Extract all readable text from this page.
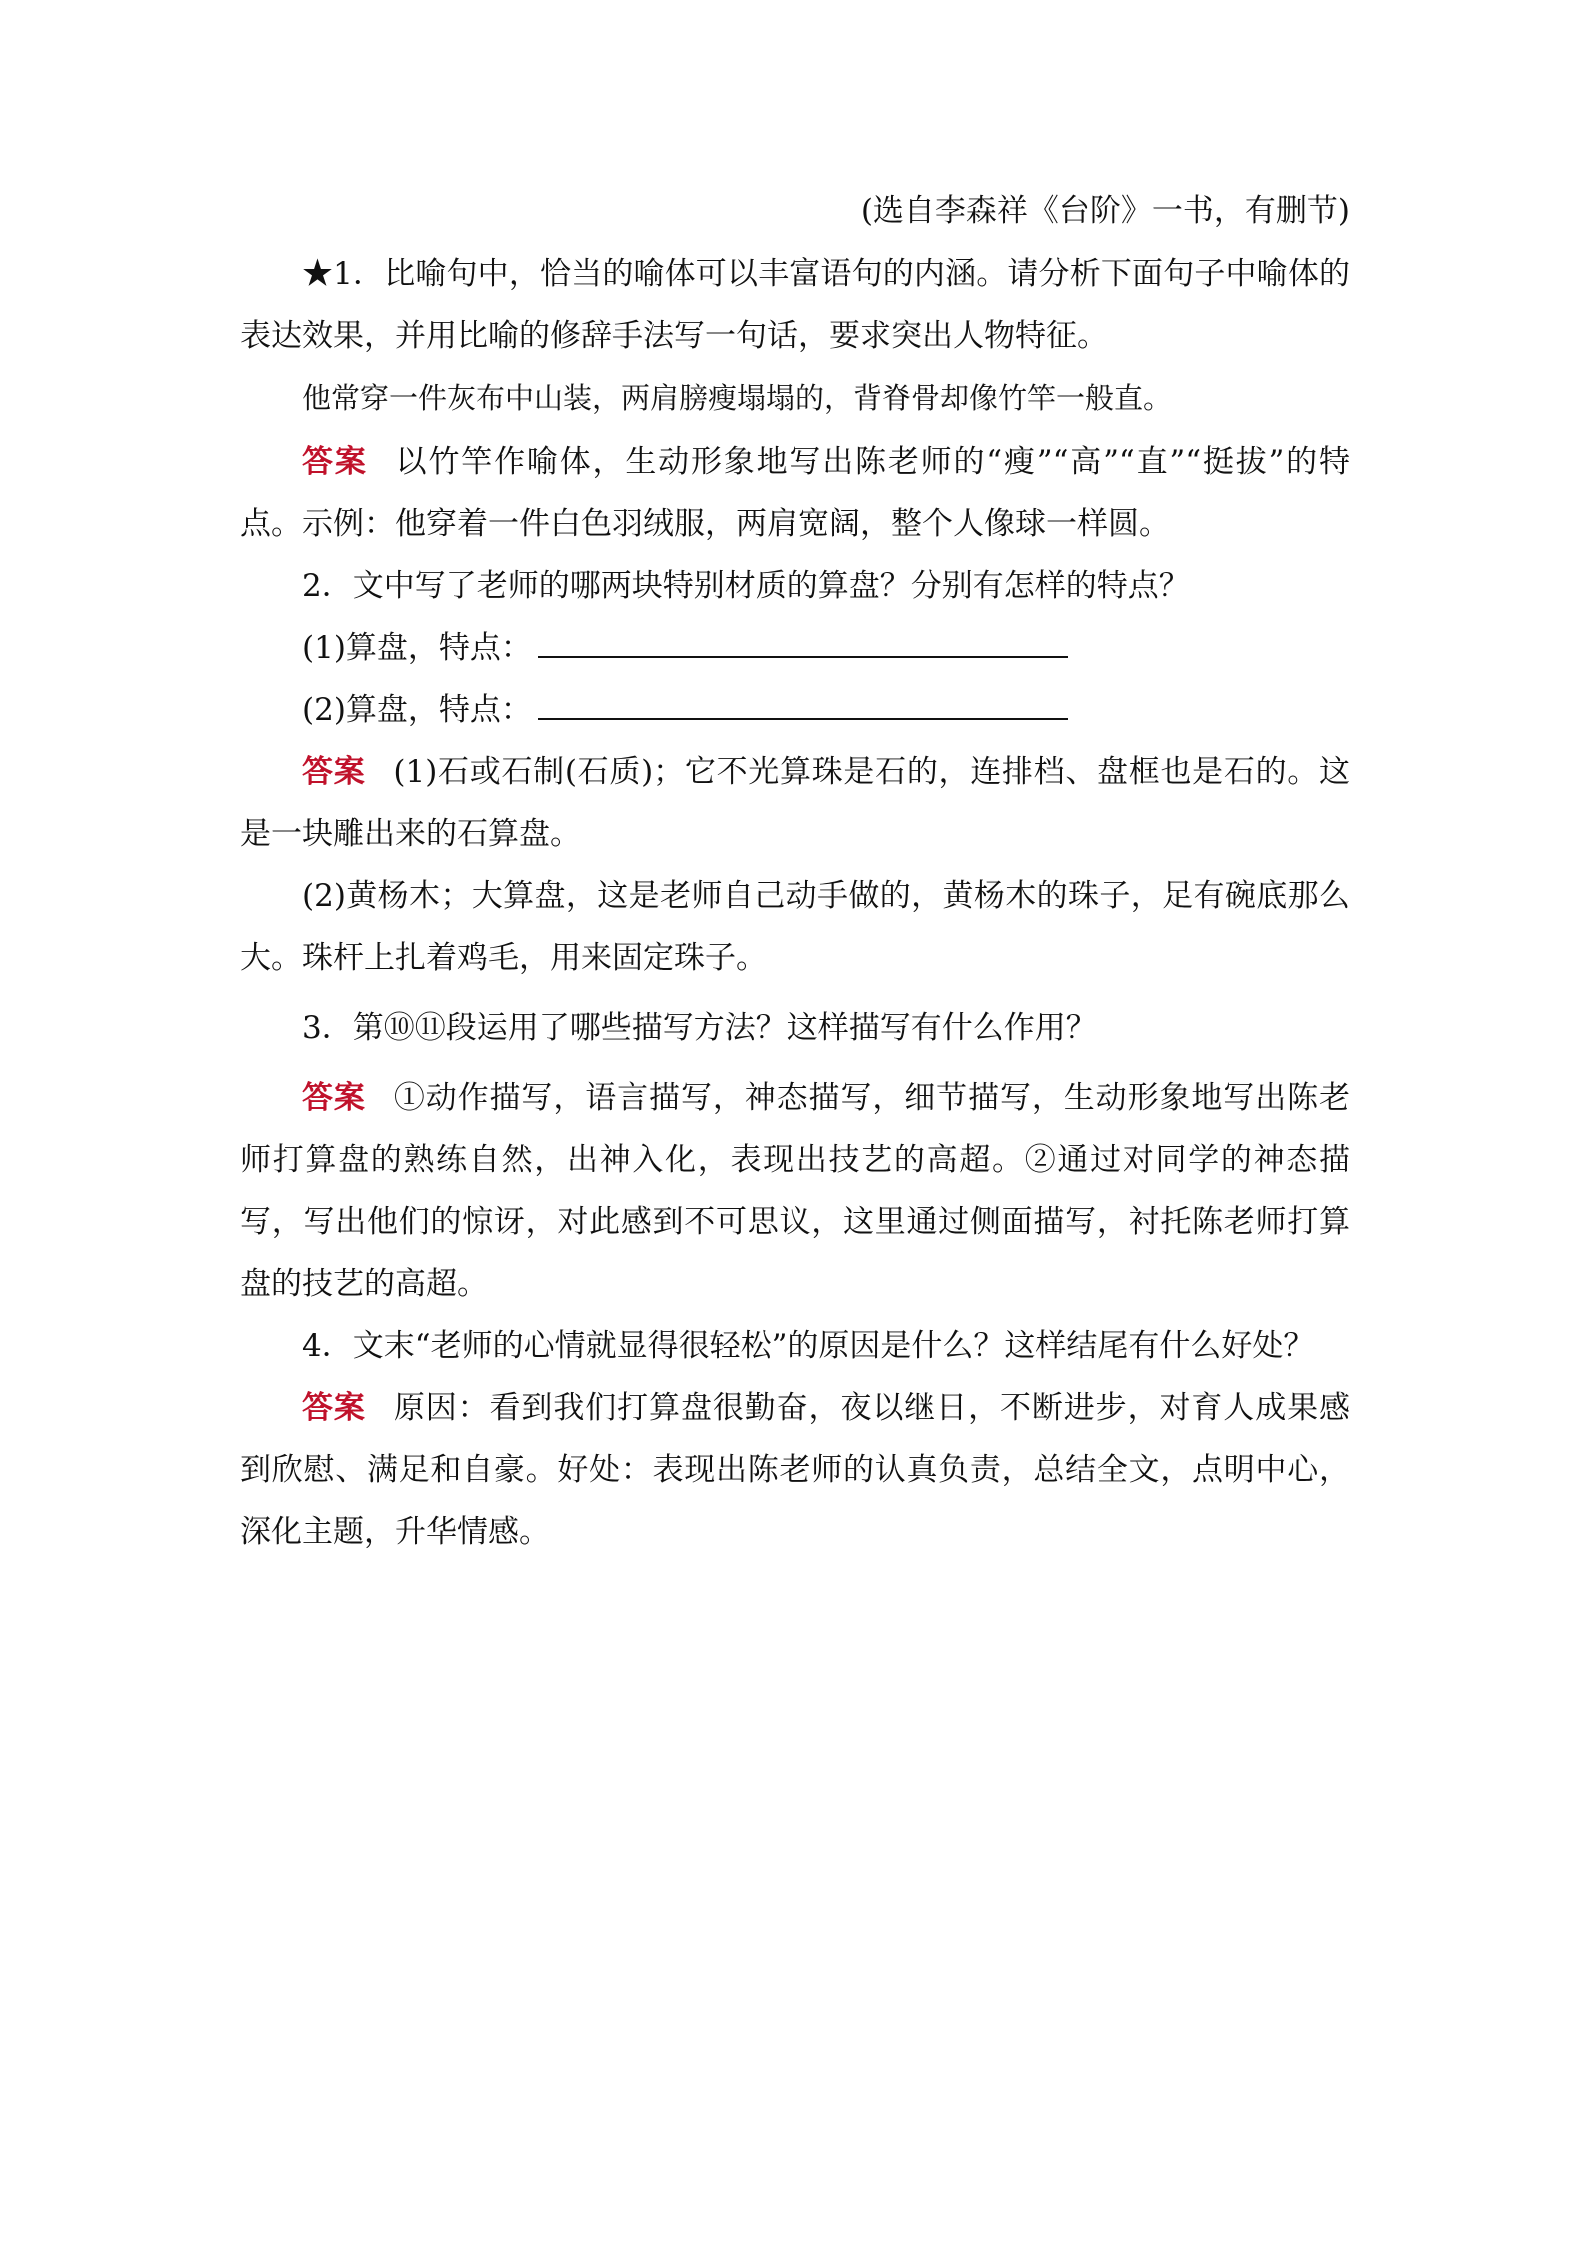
(选自李森祥《台阶》一书，有删节)

★1．比喻句中，恰当的喻体可以丰富语句的内涵。请分析下面句子中喻体的表达效果，并用比喻的修辞手法写一句话，要求突出人物特征。

他常穿一件灰布中山装，两肩膀瘦塌塌的，背脊骨却像竹竿一般直。

答案 以竹竿作喻体，生动形象地写出陈老师的“瘦”“高”“直”“挺拔”的特点。示例：他穿着一件白色羽绒服，两肩宽阔，整个人像球一样圆。

2．文中写了老师的哪两块特别材质的算盘？分别有怎样的特点？

(1)算盘，特点：

(2)算盘，特点：

答案 (1)石或石制(石质)；它不光算珠是石的，连排档、盘框也是石的。这是一块雕出来的石算盘。

(2)黄杨木；大算盘，这是老师自己动手做的，黄杨木的珠子，足有碗底那么大。珠杆上扎着鸡毛，用来固定珠子。

3．第⑩⑪段运用了哪些描写方法？这样描写有什么作用？

答案 ①动作描写，语言描写，神态描写，细节描写，生动形象地写出陈老师打算盘的熟练自然，出神入化，表现出技艺的高超。②通过对同学的神态描写，写出他们的惊讶，对此感到不可思议，这里通过侧面描写，衬托陈老师打算盘的技艺的高超。

4．文末“老师的心情就显得很轻松”的原因是什么？这样结尾有什么好处？

答案 原因：看到我们打算盘很勤奋，夜以继日，不断进步，对育人成果感到欣慰、满足和自豪。好处：表现出陈老师的认真负责，总结全文，点明中心，深化主题，升华情感。
